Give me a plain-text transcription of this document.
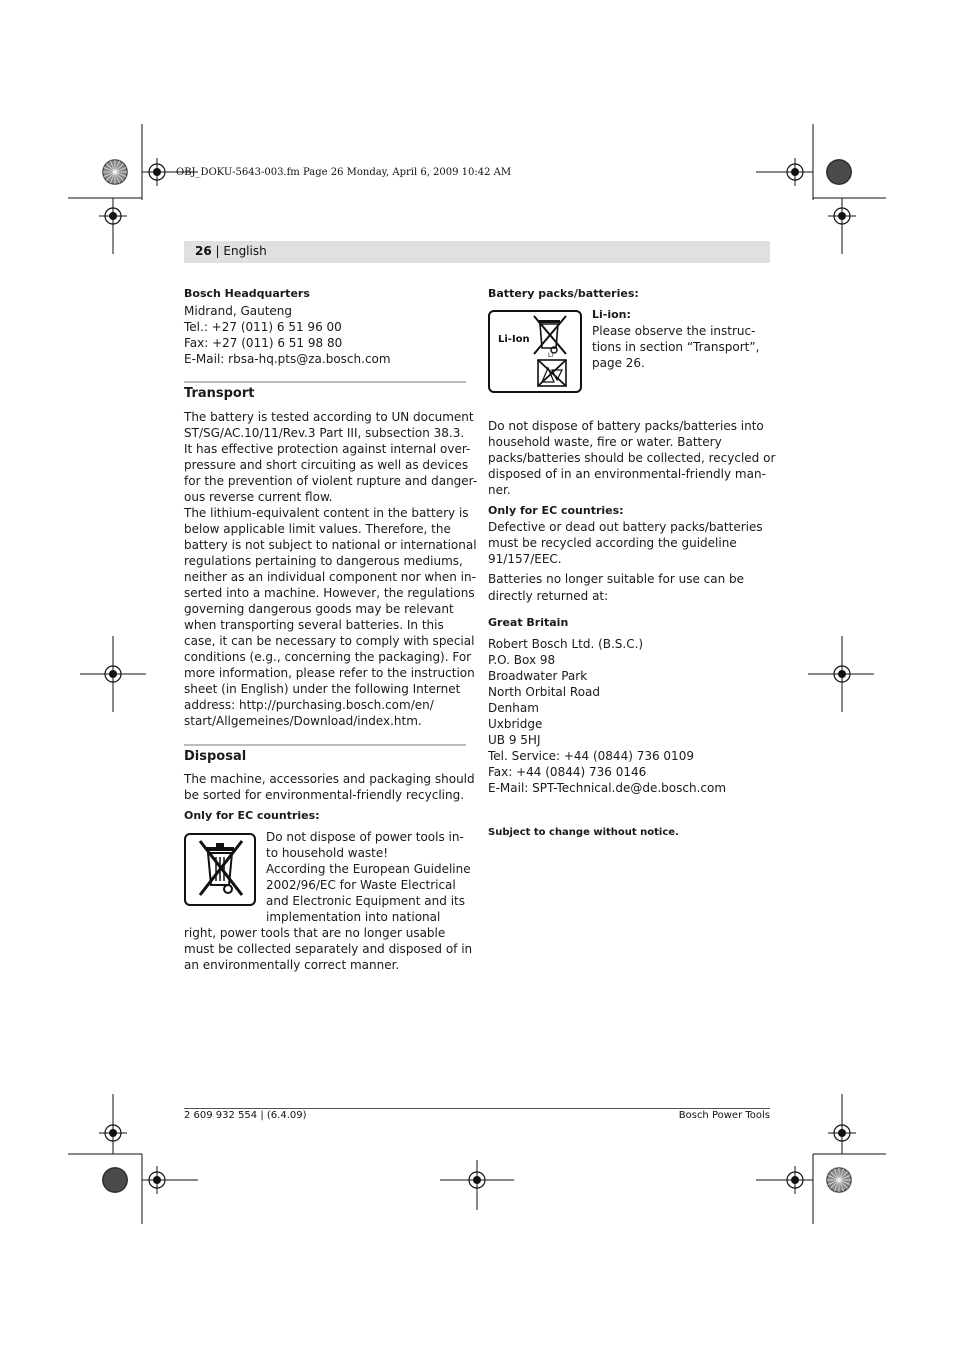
OBJ_DOKU-5643-003.fm Page 26 Monday, April 6, 2009 10:42 AM
26 | English
Bosch Headquarters
Midrand, Gauteng
Tel.: +27 (011) 6 51 96 00
Fax: +27 (011) 6 51 98 80
E-Mail: rbsa-hq.pts@za.bosch.com
Transport
The battery is tested according to UN document
ST/SG/AC.10/11/Rev.3 Part III, subsection 38.3.
It has effective protection against internal over-
pressure and short circuiting as well as devices
for the prevention of violent rupture and danger-
ous reverse current flow.
The lithium-equivalent content in the battery is
below applicable limit values. Therefore, the
battery is not subject to national or international
regulations pertaining to dangerous mediums,
neither as an individual component nor when in-
serted into a machine. However, the regulations
governing dangerous goods may be relevant
when transporting several batteries. In this
case, it can be necessary to comply with special
conditions (e.g., concerning the packaging). For
more information, please refer to the instruction
sheet (in English) under the following Internet
address: http://purchasing.bosch.com/en/
start/Allgemeines/Download/index.htm.
Disposal
The machine, accessories and packaging should
be sorted for environmental-friendly recycling.
Only for EC countries:
Do not dispose of power tools in-
to household waste!
According the European Guideline
2002/96/EC for Waste Electrical
and Electronic Equipment and its
implementation into national
right, power tools that are no longer usable
must be collected separately and disposed of in
an environmentally correct manner.
Battery packs/batteries:
Li-Ion
Li
Li-ion:
Please observe the instruc-
tions in section “Transport”,
page 26.
Do not dispose of battery packs/batteries into
household waste, fire or water. Battery
packs/batteries should be collected, recycled or
disposed of in an environmental-friendly man-
ner.
Only for EC countries:
Defective or dead out battery packs/batteries
must be recycled according the guideline
91/157/EEC.
Batteries no longer suitable for use can be
directly returned at:
Great Britain
Robert Bosch Ltd. (B.S.C.)
P.O. Box 98
Broadwater Park
North Orbital Road
Denham
Uxbridge
UB 9 5HJ
Tel. Service: +44 (0844) 736 0109
Fax: +44 (0844) 736 0146
E-Mail: SPT-Technical.de@de.bosch.com
Subject to change without notice.
2 609 932 554 | (6.4.09)	Bosch Power Tools
